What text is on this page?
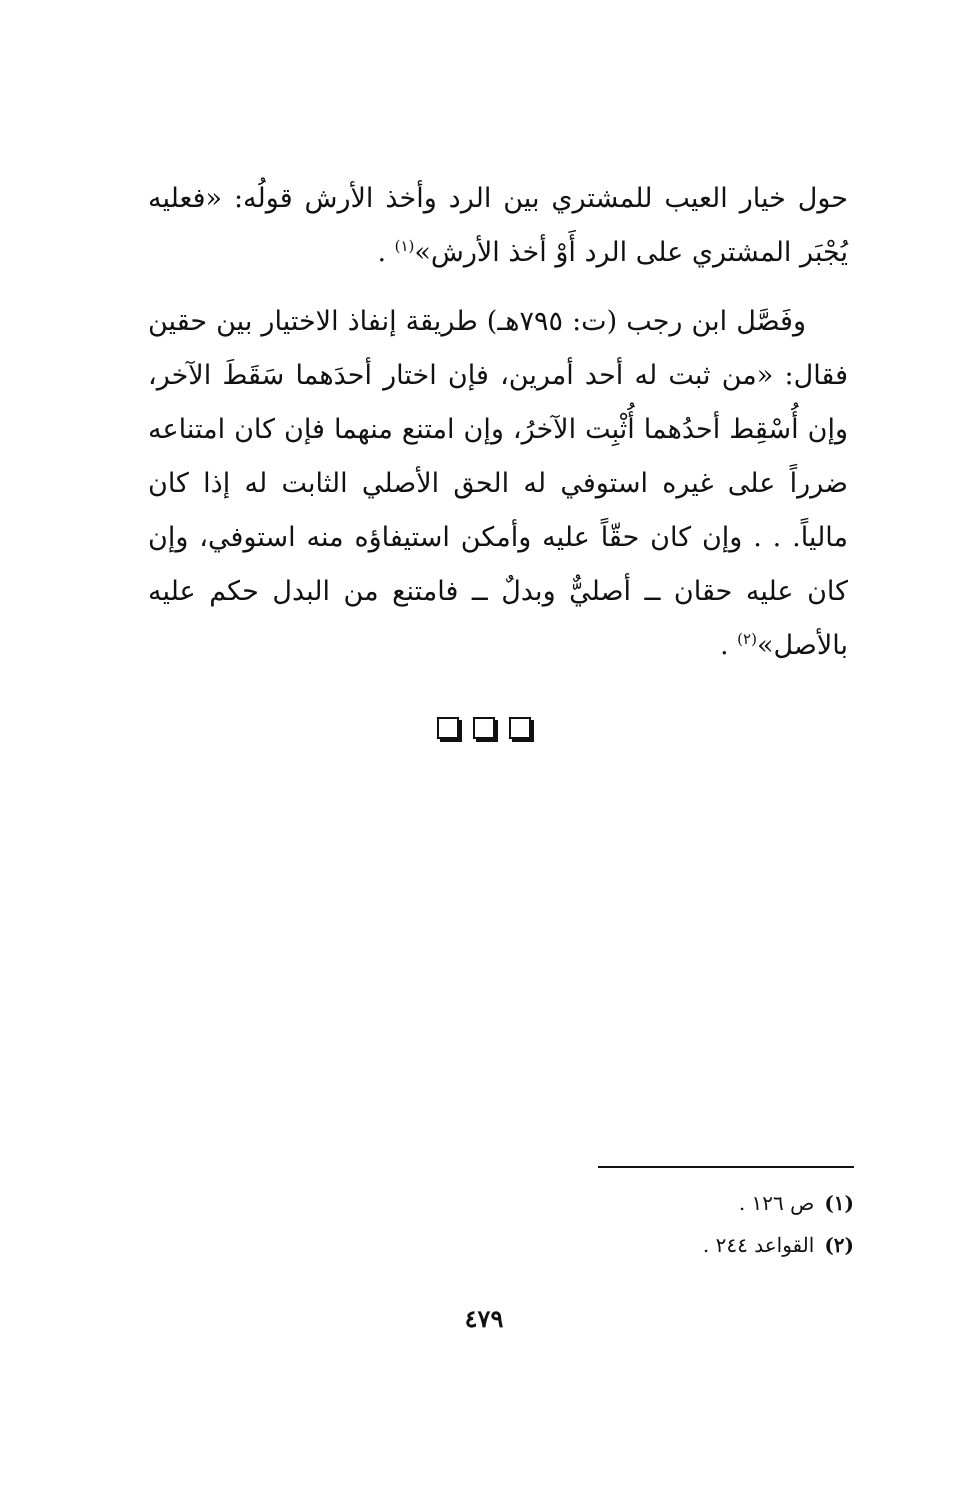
حول خيار العيب للمشتري بين الرد وأخذ الأرش قولُه: «فعليه يُجْبَر المشتري على الرد أَوْ أخذ الأرش»$^{(١)}$ .

وفَصَّل ابن رجب (ت: ٧٩٥هـ) طريقة إنفاذ الاختيار بين حقين فقال: «من ثبت له أحد أمرين، فإن اختار أحدَهما سَقَطَ الآخر، وإن أُسْقِط أحدُهما أُثْبِت الآخرُ، وإن امتنع منهما فإن كان امتناعه ضرراً على غيره استوفي له الحق الأصلي الثابت له إذا كان مالياً. . . وإن كان حقّاً عليه وأمكن استيفاؤه منه استوفي، وإن كان عليه حقان ــ أصليٌّ وبدلٌ ــ فامتنع من البدل حكم عليه بالأصل»$^{(٢)}$ .

(١)ص ١٢٦ .
(٢)القواعد ٢٤٤ .
٤٧٩
